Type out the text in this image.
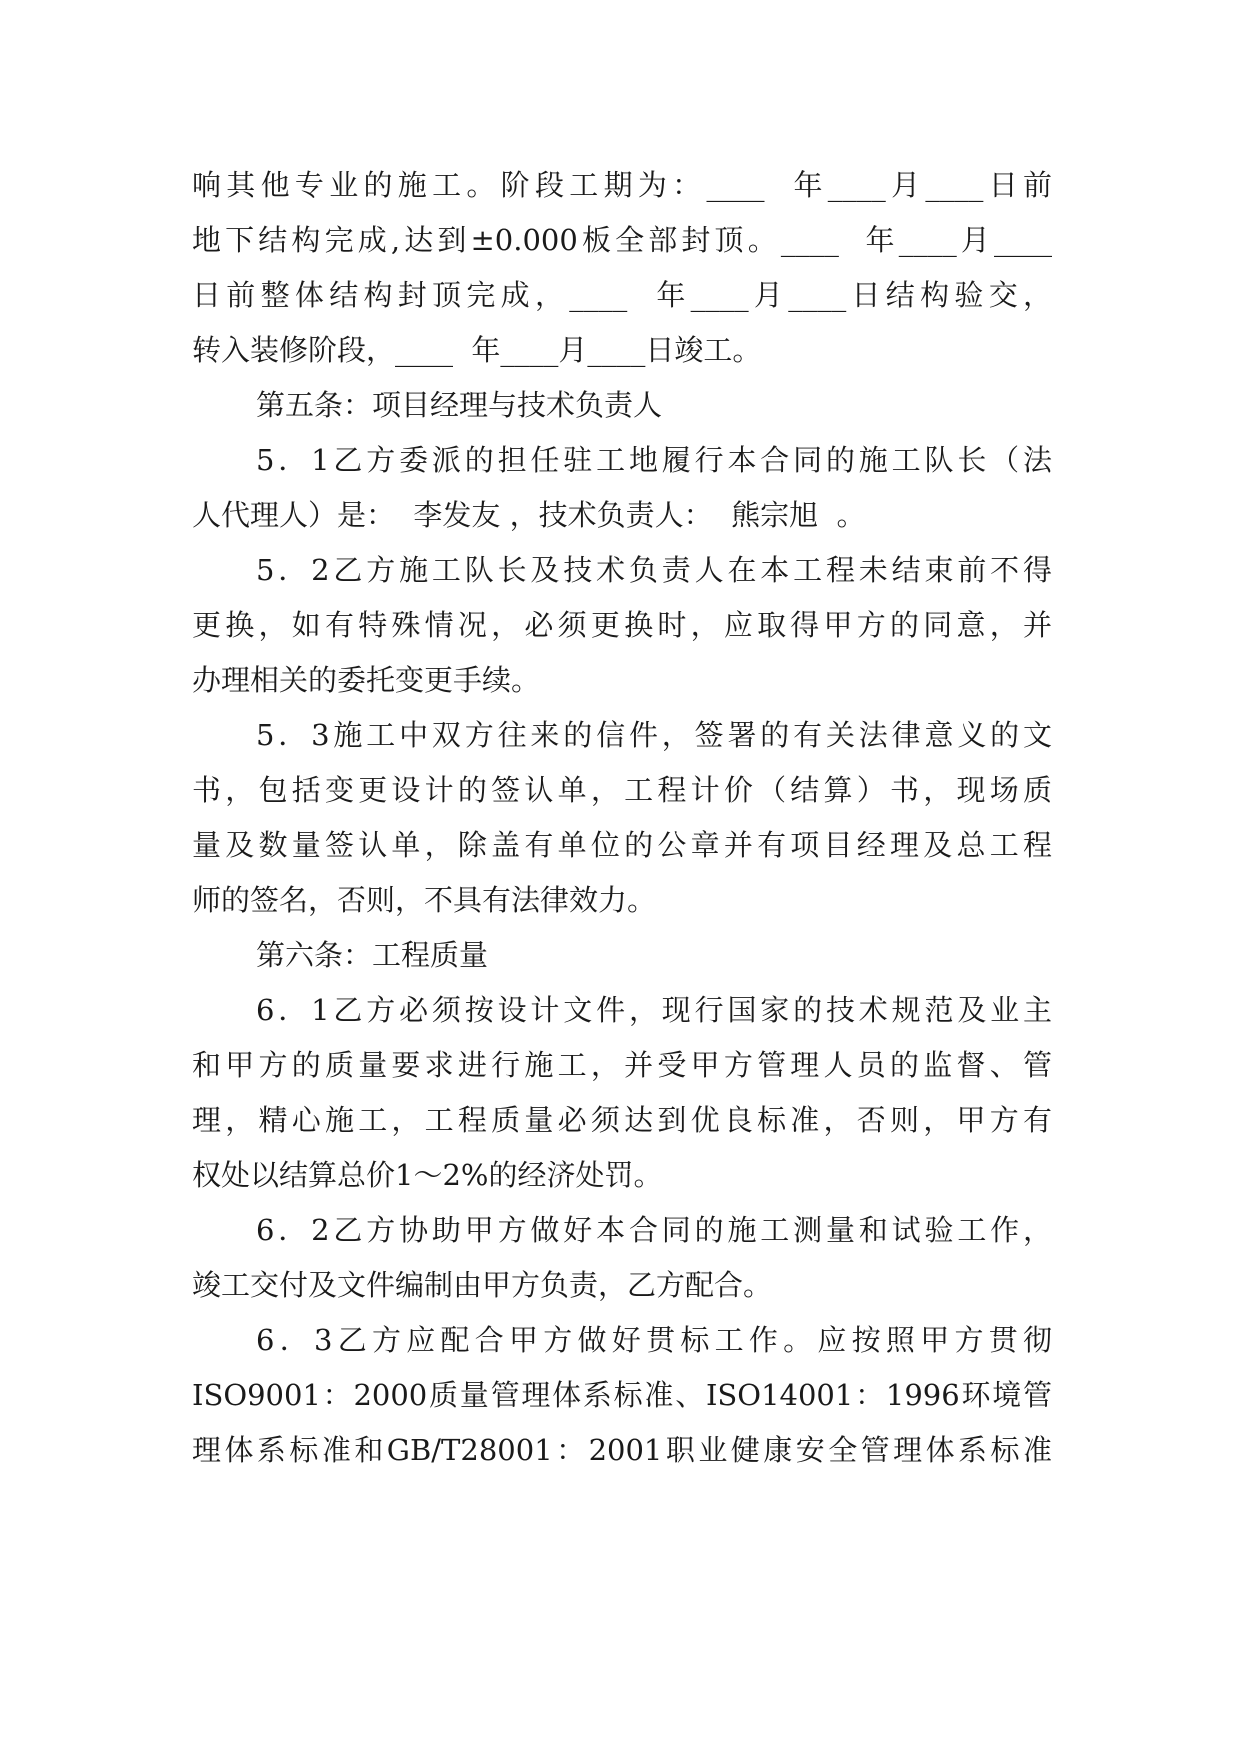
响其他专业的施工。阶段工期为：____  年____月____日前
地下结构完成,达到±0.000板全部封顶。____  年____月____
日前整体结构封顶完成，____  年____月____日结构验交，
转入装修阶段，____  年____月____日竣工。
第五条：项目经理与技术负责人
5．1乙方委派的担任驻工地履行本合同的施工队长（法
人代理人）是：  李发友 ，技术负责人：  熊宗旭  。
5．2乙方施工队长及技术负责人在本工程未结束前不得
更换，如有特殊情况，必须更换时，应取得甲方的同意，并
办理相关的委托变更手续。
5．3施工中双方往来的信件，签署的有关法律意义的文
书，包括变更设计的签认单，工程计价（结算）书，现场质
量及数量签认单，除盖有单位的公章并有项目经理及总工程
师的签名，否则，不具有法律效力。
第六条：工程质量
6．1乙方必须按设计文件，现行国家的技术规范及业主
和甲方的质量要求进行施工，并受甲方管理人员的监督、管
理，精心施工，工程质量必须达到优良标准，否则，甲方有
权处以结算总价1～2%的经济处罚。
6．2乙方协助甲方做好本合同的施工测量和试验工作，
竣工交付及文件编制由甲方负责，乙方配合。
6．3乙方应配合甲方做好贯标工作。应按照甲方贯彻
ISO9001：2000质量管理体系标准、ISO14001：1996环境管
理体系标准和GB/T28001：2001职业健康安全管理体系标准
